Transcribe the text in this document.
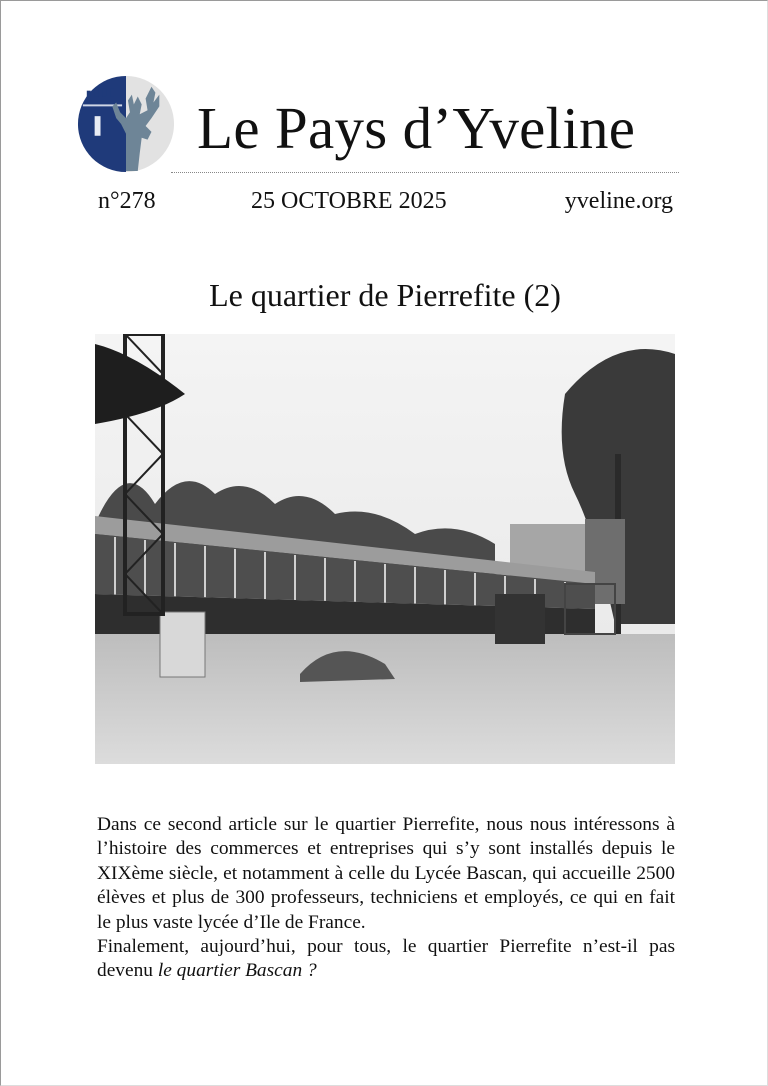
Le Pays d’Yveline
n°278	25 OCTOBRE 2025	yveline.org
Le quartier de Pierrefite (2)

Dans ce second article sur le quartier Pierrefite, nous nous intéressons à l’histoire des commerces et entreprises qui s’y sont installés depuis le XIXème siècle, et notamment à celle du Lycée Bascan, qui accueille 2500 élèves et plus de 300 professeurs, techniciens et employés, ce qui en fait le plus vaste lycée d’Ile de France.

Finalement, aujourd’hui, pour tous, le quartier Pierrefite n’est-il pas devenu le quartier Bascan ?
